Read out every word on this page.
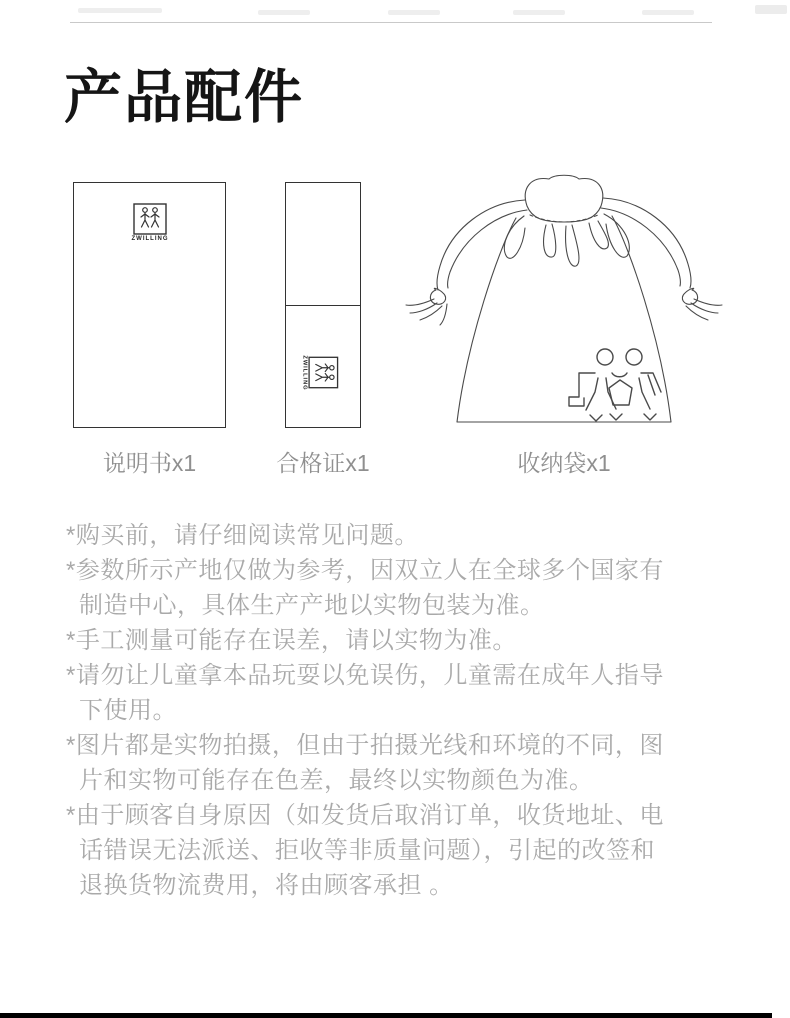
产品配件
ZWILLING
说明书x1
ZWILLING
合格证x1	收纳袋x1
*购买前，请仔细阅读常见问题。
*参数所示产地仅做为参考，因双立人在全球多个国家有
制造中心，具体生产产地以实物包装为准。
*手工测量可能存在误差，请以实物为准。
*请勿让儿童拿本品玩耍以免误伤，儿童需在成年人指导
下使用。
*图片都是实物拍摄，但由于拍摄光线和环境的不同，图
片和实物可能存在色差，最终以实物颜色为准。
*由于顾客自身原因（如发货后取消订单，收货地址、电
话错误无法派送、拒收等非质量问题），引起的改签和
退换货物流费用，将由顾客承担 。
